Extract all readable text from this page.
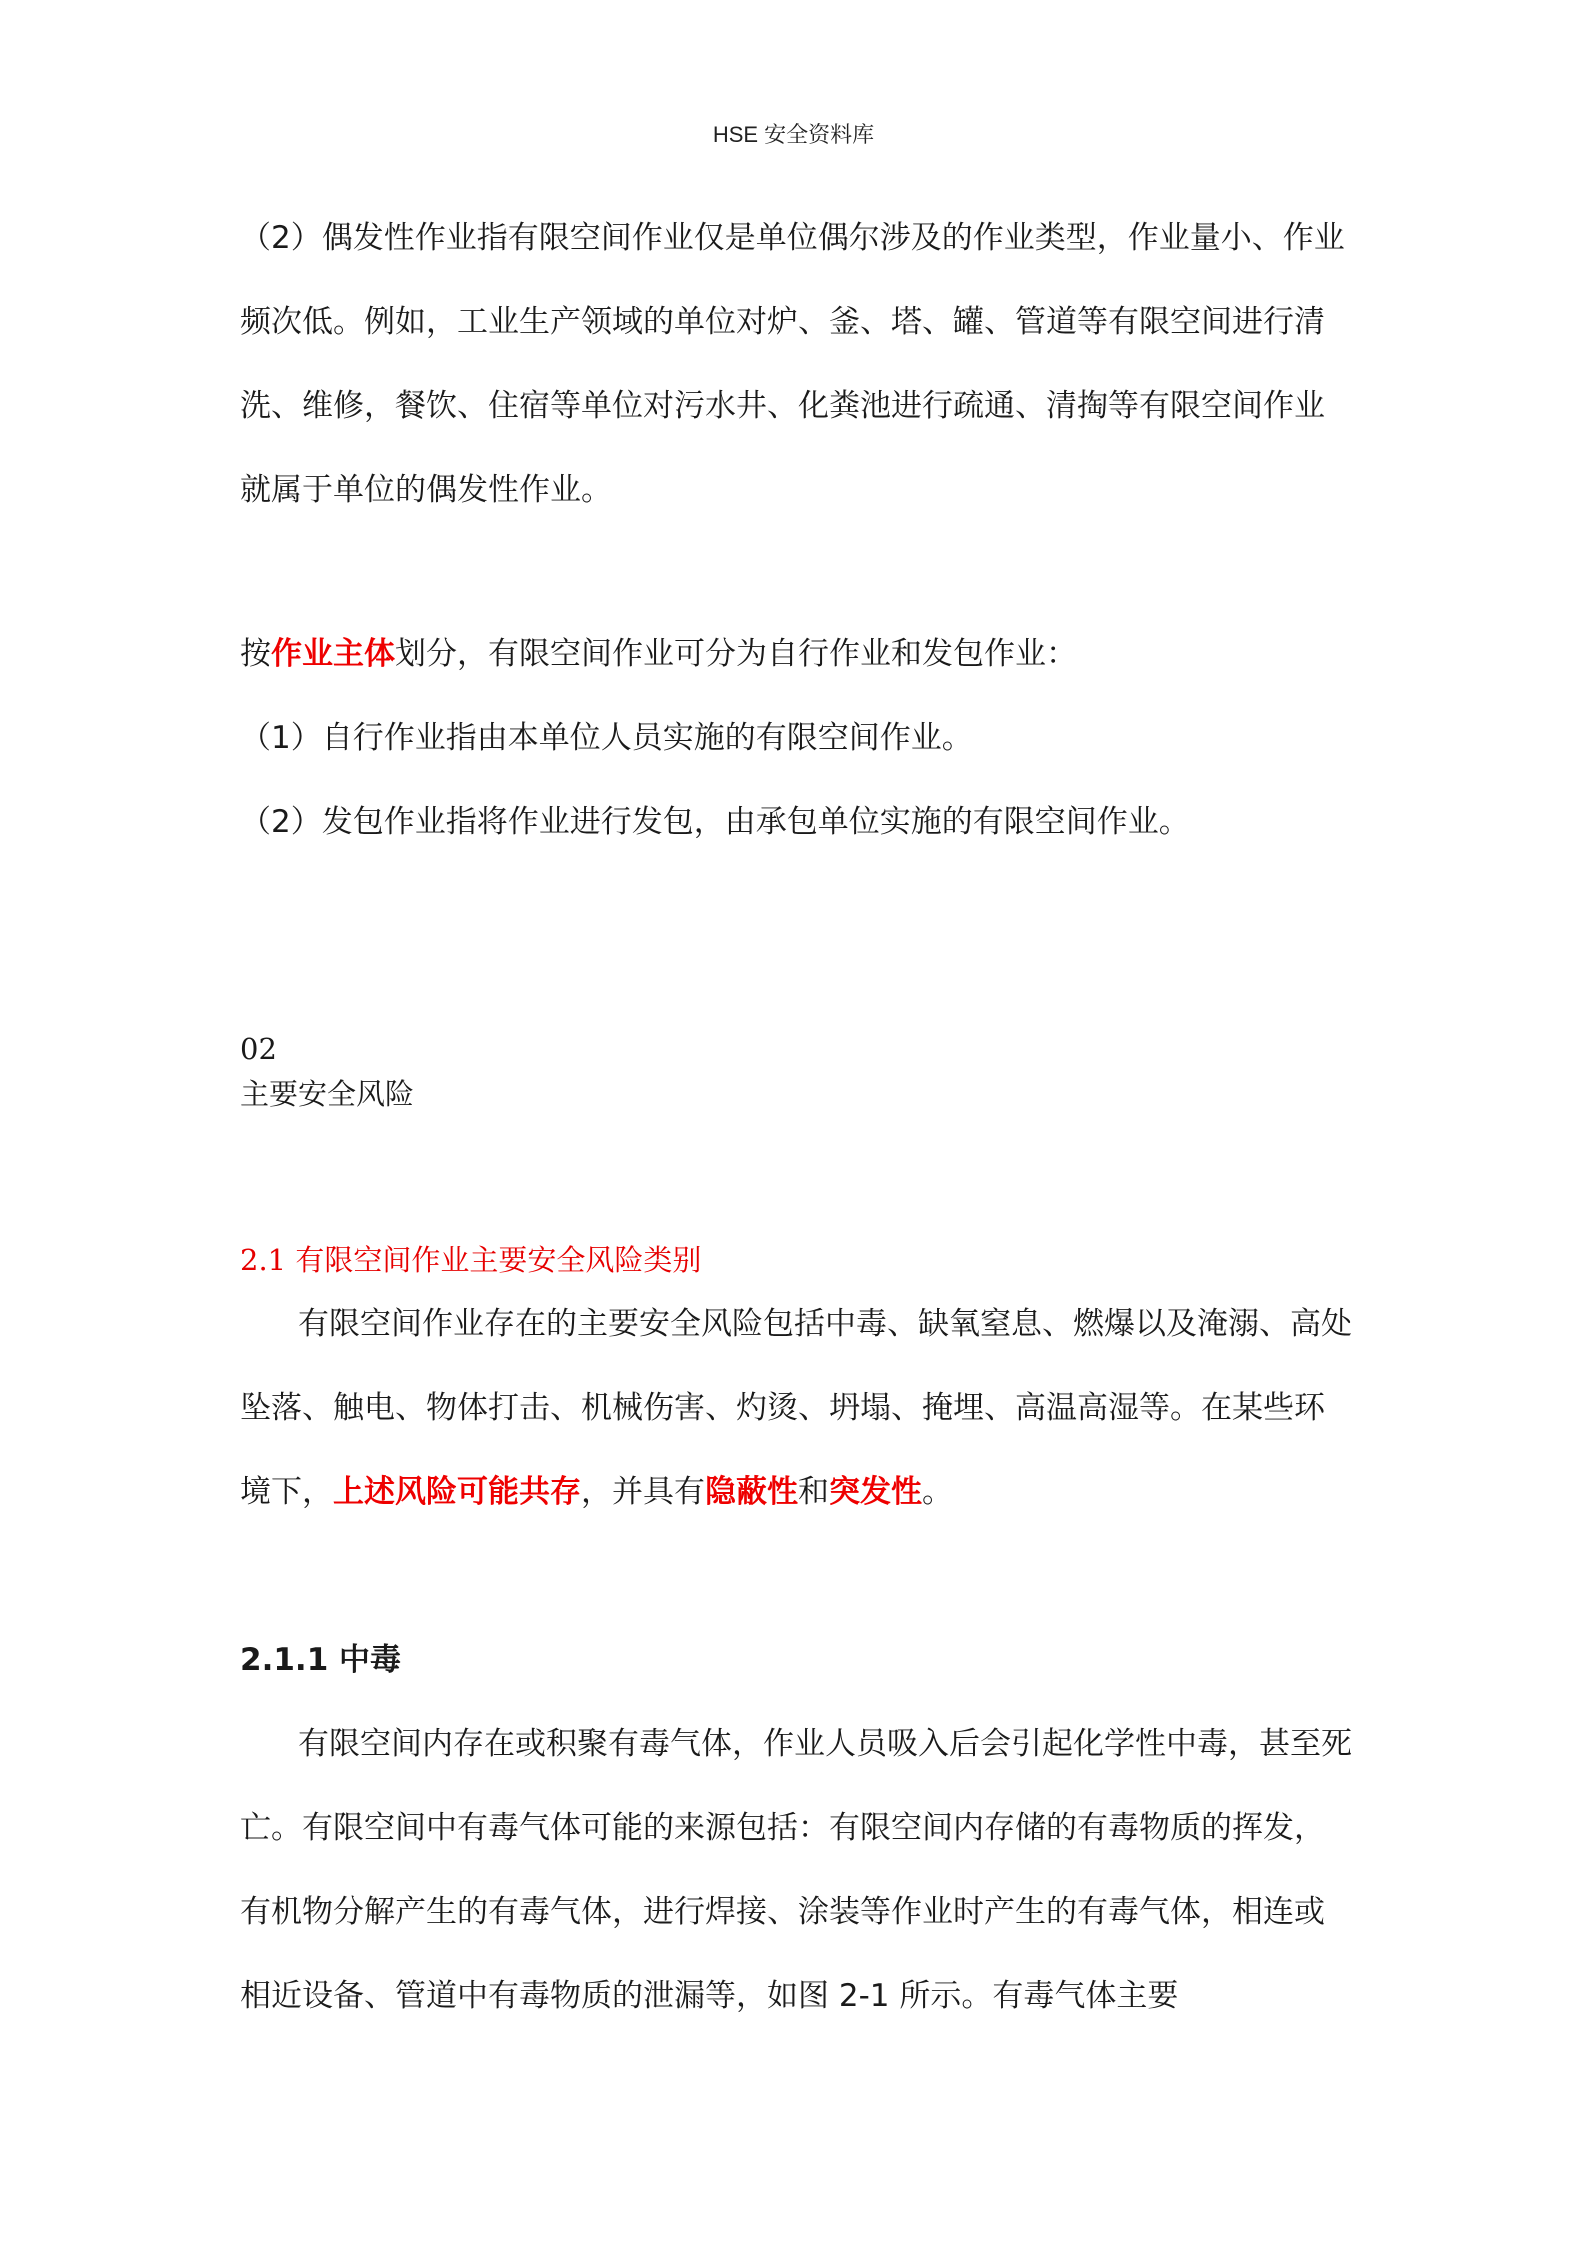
HSE 安全资料库

（2）偶发性作业指有限空间作业仅是单位偶尔涉及的作业类型，作业量小、作业频次低。例如，工业生产领域的单位对炉、釜、塔、罐、管道等有限空间进行清洗、维修，餐饮、住宿等单位对污水井、化粪池进行疏通、清掏等有限空间作业就属于单位的偶发性作业。

按作业主体划分，有限空间作业可分为自行作业和发包作业：

（1）自行作业指由本单位人员实施的有限空间作业。

（2）发包作业指将作业进行发包，由承包单位实施的有限空间作业。

02
主要安全风险
2.1 有限空间作业主要安全风险类别

有限空间作业存在的主要安全风险包括中毒、缺氧窒息、燃爆以及淹溺、高处坠落、触电、物体打击、机械伤害、灼烫、坍塌、掩埋、高温高湿等。在某些环境下，上述风险可能共存，并具有隐蔽性和突发性。

2.1.1 中毒

有限空间内存在或积聚有毒气体，作业人员吸入后会引起化学性中毒，甚至死亡。有限空间中有毒气体可能的来源包括：有限空间内存储的有毒物质的挥发，有机物分解产生的有毒气体，进行焊接、涂装等作业时产生的有毒气体，相连或相近设备、管道中有毒物质的泄漏等，如图 2-1 所示。有毒气体主要
